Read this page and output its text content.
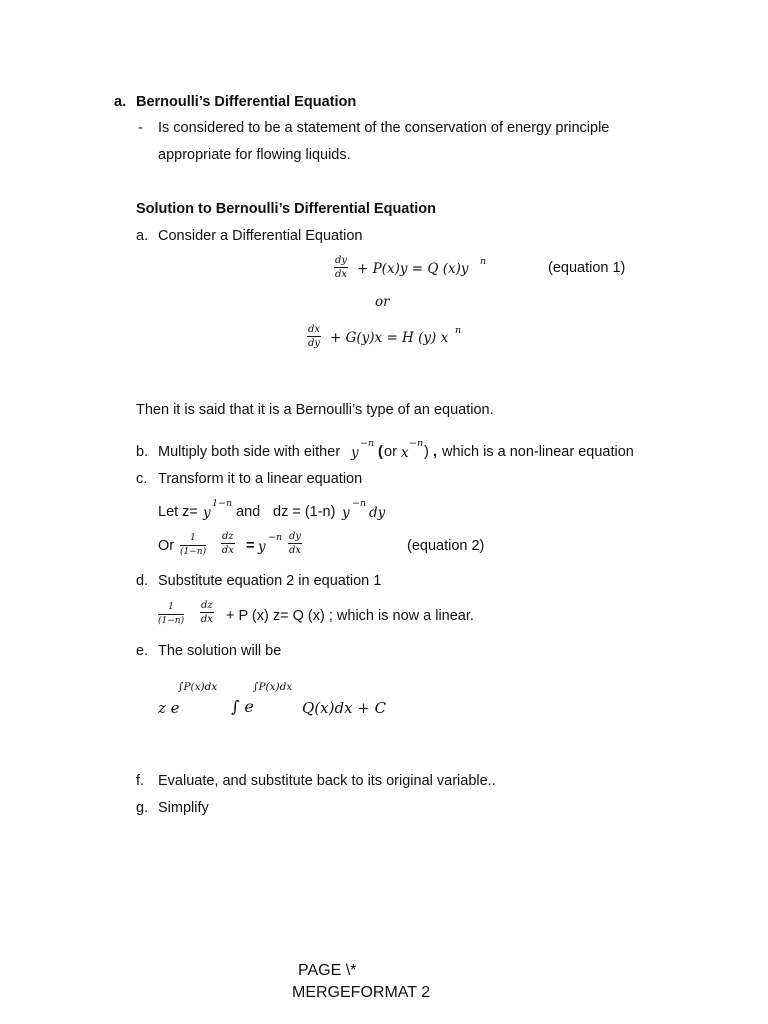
a. Bernoulli’s Differential Equation
- Is considered to be a statement of the conservation of energy principle
appropriate for flowing liquids.
Solution to Bernoulli’s Differential Equation
a. Consider a Differential Equation
$\frac{dy}{dx} + P(x)y = Q$ (x)y n	(equation 1)
or
$\frac{dx}{dy} + G(y)x = H$ (y) x n
Then it is said that it is a Bernoulli’s type of an equation.
b. Multiply both side with either y
−n
( or x
−n
) , which is a non-linear equation
c. Transform it to a linear equation
Let z= y
1−n
and dz = (1-n) y
−n
dy
Or $\frac{1}{(1-n)} \frac{dz}{dx} = y$
$-n \frac{dy}{dx}$	(equation 2)
d. Substitute equation 2 in equation 1
$\frac{1}{(1-n)} \frac{dz}{dx} + P$ (x) z= Q (x) ; which is now a linear.
e. The solution will be
z e
∫P(x)dx
∫ e
∫P(x)dx
Q(x)dx + C
f. Evaluate, and substitute back to its original variable..
g. Simplify
PAGE \*
MERGEFORMAT 2
